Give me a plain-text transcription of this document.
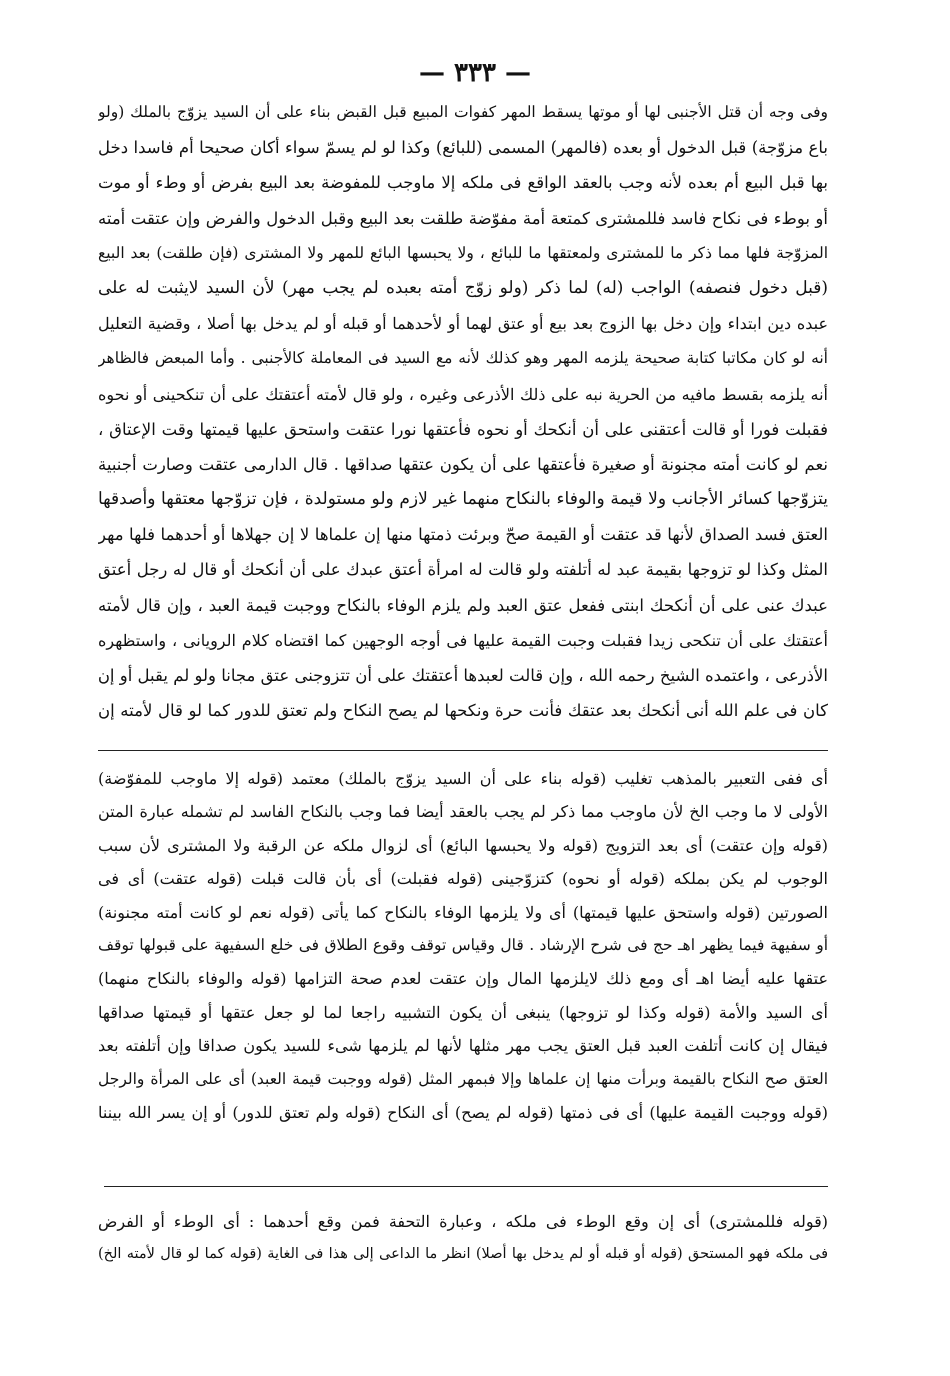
— ٣٣٣ —
وفى وجه أن قتل الأجنبى لها أو موتها يسقط المهر كفوات المبيع قبل القبض بناء على أن السيد يزوّج بالملك (ولو
باع مزوّجة) قبل الدخول أو بعده (فالمهر) المسمى (للبائع) وكذا لو لم يسمّ سواء أكان صحيحا أم فاسدا دخل
بها قبل البيع أم بعده لأنه وجب بالعقد الواقع فى ملكه إلا ماوجب للمفوضة بعد البيع بفرض أو وطء أو موت
أو بوطء فى نكاح فاسد فللمشترى كمتعة أمة مفوّضة طلقت بعد البيع وقبل الدخول والفرض وإن عتقت أمته
المزوّجة فلها مما ذكر ما للمشترى ولمعتقها ما للبائع ، ولا يحبسها البائع للمهر ولا المشترى (فإن طلقت) بعد البيع
(قبل دخول فنصفه) الواجب (له) لما ذكر (ولو زوّج أمته بعبده لم يجب مهر) لأن السيد لايثبت له على
عبده دين ابتداء وإن دخل بها الزوج بعد بيع أو عتق لهما أو لأحدهما أو قبله أو لم يدخل بها أصلا ، وقضية التعليل
أنه لو كان مكاتبا كتابة صحيحة يلزمه المهر وهو كذلك لأنه مع السيد فى المعاملة كالأجنبى . وأما المبعض فالظاهر
أنه يلزمه بقسط مافيه من الحرية نبه على ذلك الأذرعى وغيره ، ولو قال لأمته أعتقتك على أن تنكحينى أو نحوه
فقبلت فورا أو قالت أعتقنى على أن أنكحك أو نحوه فأعتقها نورا عتقت واستحق عليها قيمتها وقت الإعتاق ،
نعم لو كانت أمته مجنونة أو صغيرة فأعتقها على أن يكون عتقها صداقها . قال الدارمى عتقت وصارت أجنبية
يتزوّجها كسائر الأجانب ولا قيمة والوفاء بالنكاح منهما غير لازم ولو مستولدة ، فإن تزوّجها معتقها وأصدقها
العتق فسد الصداق لأنها قد عتقت أو القيمة صحّ وبرئت ذمتها منها إن علماها لا إن جهلاها أو أحدهما فلها مهر
المثل وكذا لو تزوجها بقيمة عبد له أتلفته ولو قالت له امرأة أعتق عبدك على أن أنكحك أو قال له رجل أعتق
عبدك عنى على أن أنكحك ابنتى ففعل عتق العبد ولم يلزم الوفاء بالنكاح ووجبت قيمة العبد ، وإن قال لأمته
أعتقتك على أن تنكحى زيدا فقبلت وجبت القيمة عليها فى أوجه الوجهين كما اقتضاه كلام الرويانى ، واستظهره
الأذرعى ، واعتمده الشيخ رحمه الله ، وإن قالت لعبدها أعتقتك على أن تتزوجنى عتق مجانا ولو لم يقبل أو إن
كان فى علم الله أنى أنكحك بعد عتقك فأنت حرة ونكحها لم يصح النكاح ولم تعتق للدور كما لو قال لأمته إن
أى ففى التعبير بالمذهب تغليب (قوله بناء على أن السيد يزوّج بالملك) معتمد (قوله إلا ماوجب للمفوّضة)
الأولى لا ما وجب الخ لأن ماوجب مما ذكر لم يجب بالعقد أيضا فما وجب بالنكاح الفاسد لم تشمله عبارة المتن
(قوله وإن عتقت) أى بعد التزويج (قوله ولا يحبسها البائع) أى لزوال ملكه عن الرقبة ولا المشترى لأن سبب
الوجوب لم يكن بملكه (قوله أو نحوه) كتزوّجينى (قوله فقبلت) أى بأن قالت قبلت (قوله عتقت) أى فى
الصورتين (قوله واستحق عليها قيمتها) أى ولا يلزمها الوفاء بالنكاح كما يأتى (قوله نعم لو كانت أمته مجنونة)
أو سفيهة فيما يظهر اهـ حج فى شرح الإرشاد . قال وقياس توقف وقوع الطلاق فى خلع السفيهة على قبولها توقف
عتقها عليه أيضا اهـ أى ومع ذلك لايلزمها المال وإن عتقت لعدم صحة التزامها (قوله والوفاء بالنكاح منهما)
أى السيد والأمة (قوله وكذا لو تزوجها) ينبغى أن يكون التشبيه راجعا لما لو جعل عتقها أو قيمتها صداقها
فيقال إن كانت أتلفت العبد قبل العتق يجب مهر مثلها لأنها لم يلزمها شىء للسيد يكون صداقا وإن أتلفته بعد
العتق صح النكاح بالقيمة وبرأت منها إن علماها وإلا فبمهر المثل (قوله ووجبت قيمة العبد) أى على المرأة والرجل
(قوله ووجبت القيمة عليها) أى فى ذمتها (قوله لم يصح) أى النكاح (قوله ولم تعتق للدور) أو إن يسر الله بيننا
(قوله فللمشترى) أى إن وقع الوطء فى ملكه ، وعبارة التحفة فمن وقع أحدهما : أى الوطء أو الفرض
فى ملكه فهو المستحق (قوله أو قبله أو لم يدخل بها أصلا) انظر ما الداعى إلى هذا فى الغاية (قوله كما لو قال لأمته الخ)
